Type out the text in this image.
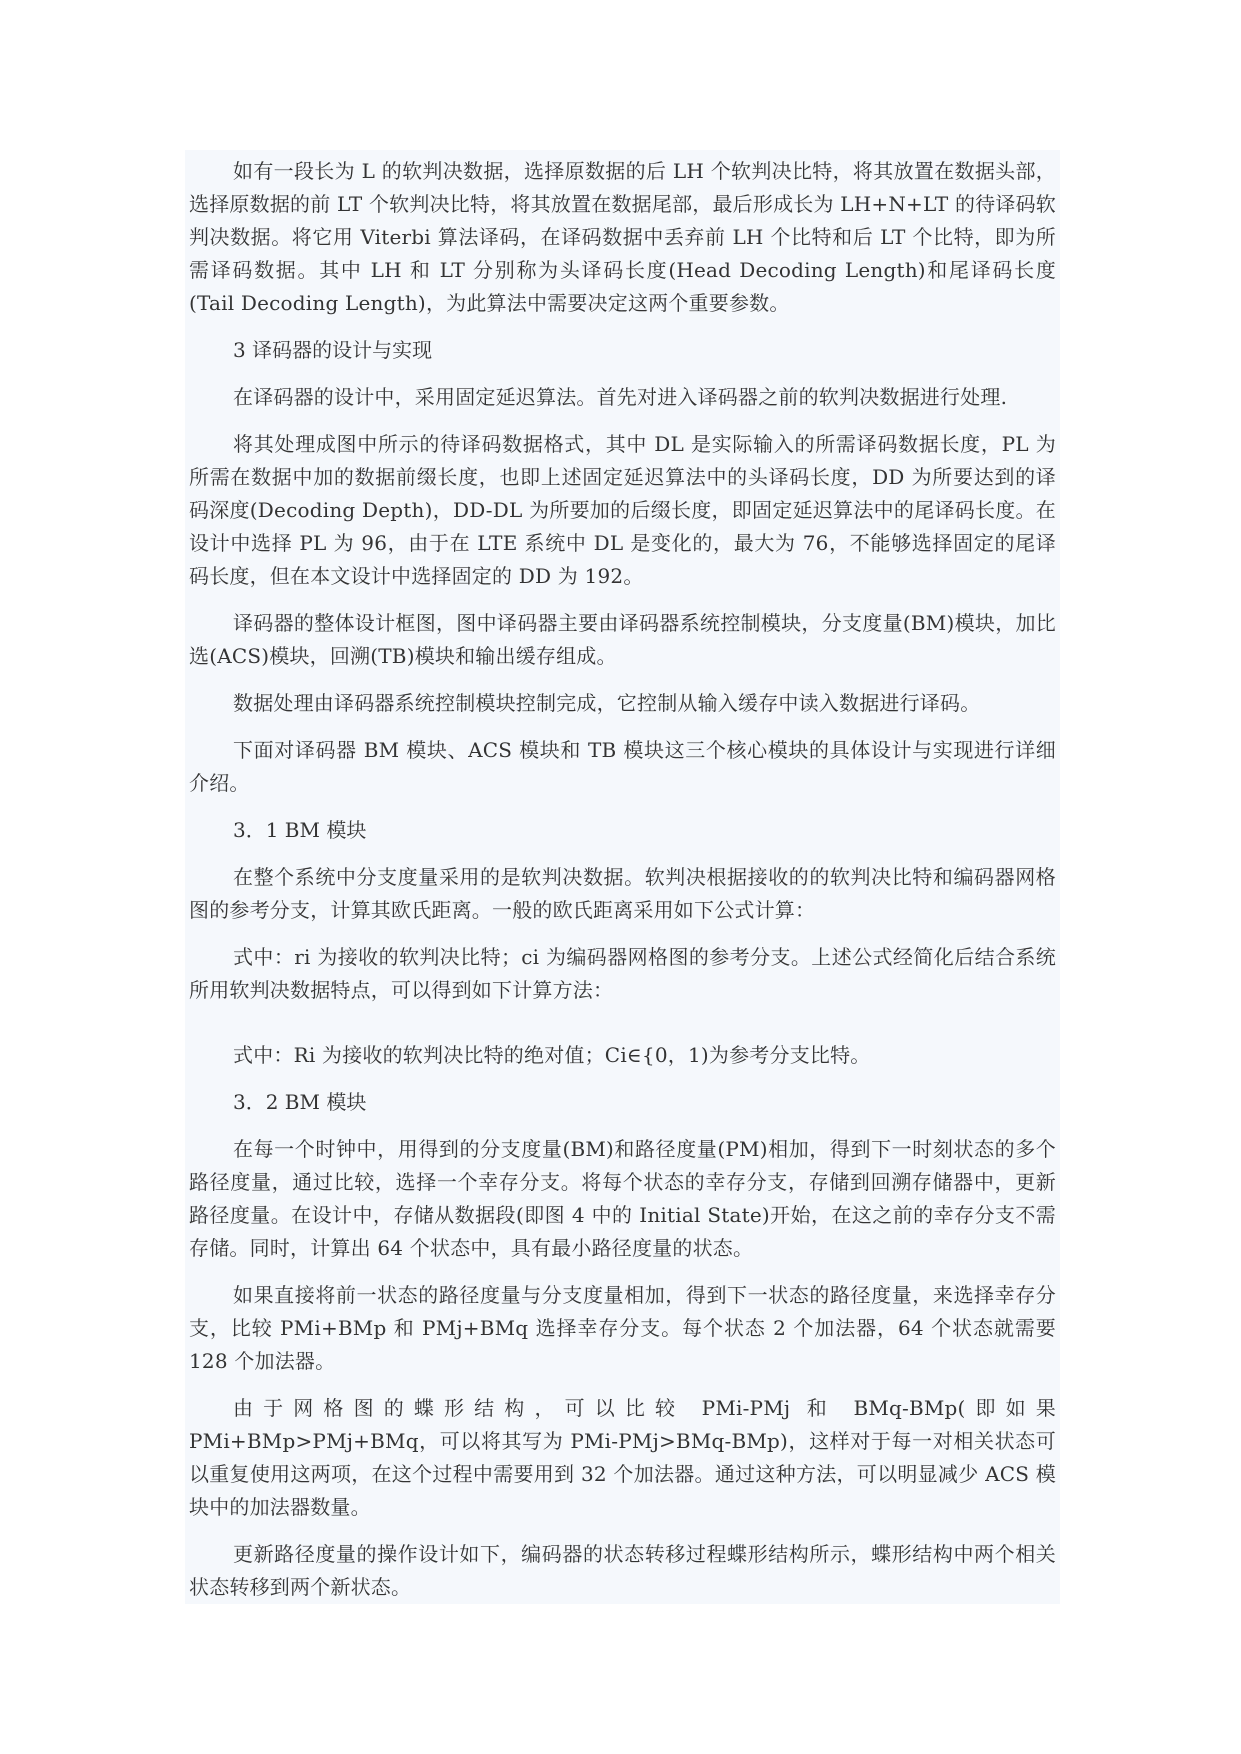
如有一段长为 L 的软判决数据，选择原数据的后 LH 个软判决比特，将其放置在数据头部，选择原数据的前 LT 个软判决比特，将其放置在数据尾部，最后形成长为 LH+N+LT 的待译码软判决数据。将它用 Viterbi 算法译码，在译码数据中丢弃前 LH 个比特和后 LT 个比特，即为所需译码数据。其中 LH 和 LT 分别称为头译码长度(Head Decoding Length)和尾译码长度(Tail Decoding Length)，为此算法中需要决定这两个重要参数。

3 译码器的设计与实现

在译码器的设计中，采用固定延迟算法。首先对进入译码器之前的软判决数据进行处理.

将其处理成图中所示的待译码数据格式，其中 DL 是实际输入的所需译码数据长度，PL 为所需在数据中加的数据前缀长度，也即上述固定延迟算法中的头译码长度，DD 为所要达到的译码深度(Decoding Depth)，DD-DL 为所要加的后缀长度，即固定延迟算法中的尾译码长度。在设计中选择 PL 为 96，由于在 LTE 系统中 DL 是变化的，最大为 76，不能够选择固定的尾译码长度，但在本文设计中选择固定的 DD 为 192。

译码器的整体设计框图，图中译码器主要由译码器系统控制模块，分支度量(BM)模块，加比选(ACS)模块，回溯(TB)模块和输出缓存组成。

数据处理由译码器系统控制模块控制完成，它控制从输入缓存中读入数据进行译码。

下面对译码器 BM 模块、ACS 模块和 TB 模块这三个核心模块的具体设计与实现进行详细介绍。

3．1 BM 模块

在整个系统中分支度量采用的是软判决数据。软判决根据接收的的软判决比特和编码器网格图的参考分支，计算其欧氏距离。一般的欧氏距离采用如下公式计算：

式中：ri 为接收的软判决比特；ci 为编码器网格图的参考分支。上述公式经简化后结合系统所用软判决数据特点，可以得到如下计算方法：

式中：Ri 为接收的软判决比特的绝对值；Ci∈{0，1)为参考分支比特。

3．2 BM 模块

在每一个时钟中，用得到的分支度量(BM)和路径度量(PM)相加，得到下一时刻状态的多个路径度量，通过比较，选择一个幸存分支。将每个状态的幸存分支，存储到回溯存储器中，更新路径度量。在设计中，存储从数据段(即图 4 中的 Initial State)开始，在这之前的幸存分支不需存储。同时，计算出 64 个状态中，具有最小路径度量的状态。

如果直接将前一状态的路径度量与分支度量相加，得到下一状态的路径度量，来选择幸存分支，比较 PMi+BMp 和 PMj+BMq 选择幸存分支。每个状态 2 个加法器，64 个状态就需要 128 个加法器。

由于网格图的蝶形结构，可以比较 PMi-PMj 和 BMq-BMp(即如果 PMi+BMp>PMj+BMq，可以将其写为 PMi-PMj>BMq-BMp)，这样对于每一对相关状态可以重复使用这两项，在这个过程中需要用到 32 个加法器。通过这种方法，可以明显减少 ACS 模块中的加法器数量。

更新路径度量的操作设计如下，编码器的状态转移过程蝶形结构所示，蝶形结构中两个相关状态转移到两个新状态。
